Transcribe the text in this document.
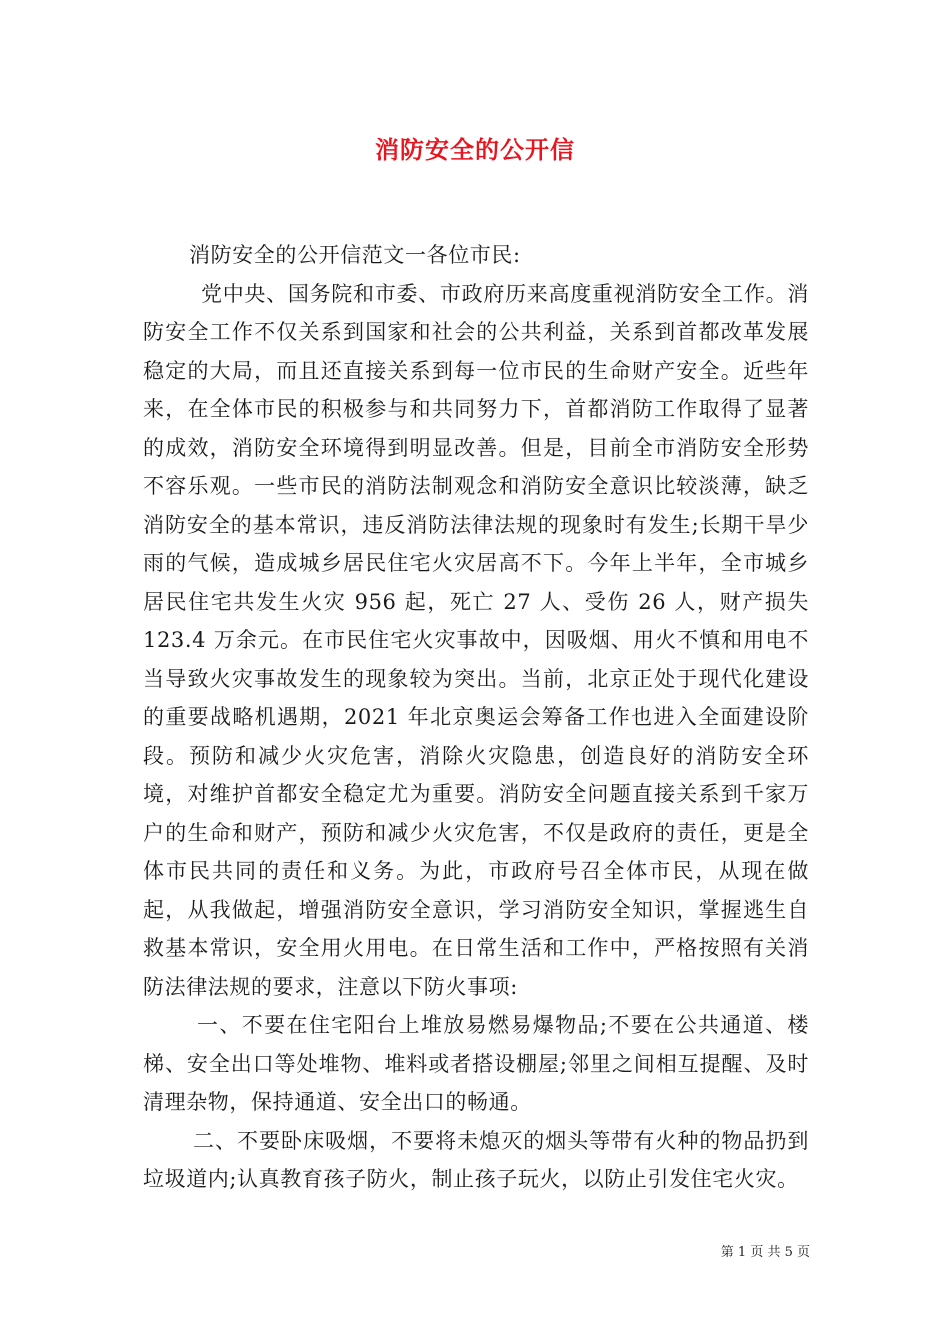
消防安全的公开信

消防安全的公开信范文一各位市民:

党中央、国务院和市委、市政府历来高度重视消防安全工作。消防安全工作不仅关系到国家和社会的公共利益，关系到首都改革发展稳定的大局，而且还直接关系到每一位市民的生命财产安全。近些年来，在全体市民的积极参与和共同努力下，首都消防工作取得了显著的成效，消防安全环境得到明显改善。但是，目前全市消防安全形势不容乐观。一些市民的消防法制观念和消防安全意识比较淡薄，缺乏消防安全的基本常识，违反消防法律法规的现象时有发生;长期干旱少雨的气候，造成城乡居民住宅火灾居高不下。今年上半年，全市城乡居民住宅共发生火灾 956 起，死亡 27 人、受伤 26 人，财产损失 123.4 万余元。在市民住宅火灾事故中，因吸烟、用火不慎和用电不当导致火灾事故发生的现象较为突出。当前，北京正处于现代化建设的重要战略机遇期，2021 年北京奥运会筹备工作也进入全面建设阶段。预防和减少火灾危害，消除火灾隐患，创造良好的消防安全环境，对维护首都安全稳定尤为重要。消防安全问题直接关系到千家万户的生命和财产，预防和减少火灾危害，不仅是政府的责任，更是全体市民共同的责任和义务。为此，市政府号召全体市民，从现在做起，从我做起，增强消防安全意识，学习消防安全知识，掌握逃生自救基本常识，安全用火用电。在日常生活和工作中，严格按照有关消防法律法规的要求，注意以下防火事项:

一、不要在住宅阳台上堆放易燃易爆物品;不要在公共通道、楼梯、安全出口等处堆物、堆料或者搭设棚屋;邻里之间相互提醒、及时清理杂物，保持通道、安全出口的畅通。

二、不要卧床吸烟，不要将未熄灭的烟头等带有火种的物品扔到垃圾道内;认真教育孩子防火，制止孩子玩火，以防止引发住宅火灾。

第 1 页 共 5 页
